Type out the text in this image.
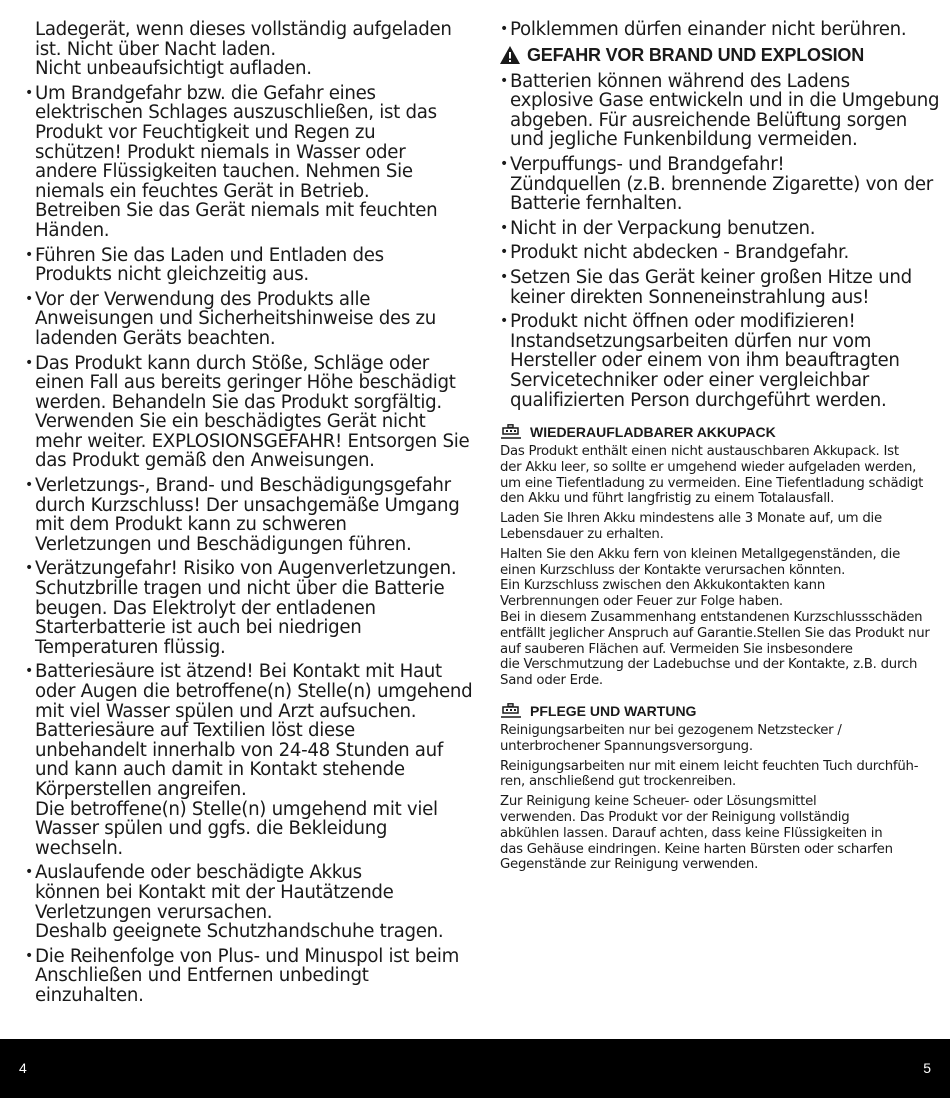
Ladegerät, wenn dieses vollständig aufgeladen
ist. Nicht über Nacht laden.
Nicht unbeaufsichtigt aufladen.
• Um Brandgefahr bzw. die Gefahr eines
elektrischen Schlages auszuschließen, ist das
Produkt vor Feuchtigkeit und Regen zu
schützen! Produkt niemals in Wasser oder
andere Flüssigkeiten tauchen. Nehmen Sie
niemals ein feuchtes Gerät in Betrieb.
Betreiben Sie das Gerät niemals mit feuchten
Händen.
• Führen Sie das Laden und Entladen des
Produkts nicht gleichzeitig aus.
• Vor der Verwendung des Produkts alle
Anweisungen und Sicherheitshinweise des zu
ladenden Geräts beachten.
• Das Produkt kann durch Stöße, Schläge oder
einen Fall aus bereits geringer Höhe beschädigt
werden. Behandeln Sie das Produkt sorgfältig.
Verwenden Sie ein beschädigtes Gerät nicht
mehr weiter. EXPLOSIONSGEFAHR! Entsorgen Sie
das Produkt gemäß den Anweisungen.
• Verletzungs-, Brand- und Beschädigungsgefahr
durch Kurzschluss! Der unsachgemäße Umgang
mit dem Produkt kann zu schweren
Verletzungen und Beschädigungen führen.
• Verätzungefahr! Risiko von Augenverletzungen.
Schutzbrille tragen und nicht über die Batterie
beugen. Das Elektrolyt der entladenen
Starterbatterie ist auch bei niedrigen
Temperaturen flüssig.
• Batteriesäure ist ätzend! Bei Kontakt mit Haut
oder Augen die betroffene(n) Stelle(n) umgehend
mit viel Wasser spülen und Arzt aufsuchen.
Batteriesäure auf Textilien löst diese
unbehandelt innerhalb von 24-48 Stunden auf
und kann auch damit in Kontakt stehende
Körperstellen angreifen.
Die betroffene(n) Stelle(n) umgehend mit viel
Wasser spülen und ggfs. die Bekleidung
wechseln.
• Auslaufende oder beschädigte Akkus
können bei Kontakt mit der Hautätzende
Verletzungen verursachen.
Deshalb geeignete Schutzhandschuhe tragen.
• Die Reihenfolge von Plus- und Minuspol ist beim
Anschließen und Entfernen unbedingt
einzuhalten.
• Polklemmen dürfen einander nicht berühren.
GEFAHR VOR BRAND UND EXPLOSION
• Batterien können während des Ladens
explosive Gase entwickeln und in die Umgebung
abgeben. Für ausreichende Belüftung sorgen
und jegliche Funkenbildung vermeiden.
• Verpuffungs- und Brandgefahr!
Zündquellen (z.B. brennende Zigarette) von der
Batterie fernhalten.
• Nicht in der Verpackung benutzen.
• Produkt nicht abdecken - Brandgefahr.
• Setzen Sie das Gerät keiner großen Hitze und
keiner direkten Sonneneinstrahlung aus!
• Produkt nicht öffnen oder modifizieren!
Instandsetzungsarbeiten dürfen nur vom
Hersteller oder einem von ihm beauftragten
Servicetechniker oder einer vergleichbar
qualifizierten Person durchgeführt werden.
WIEDERAUFLADBARER AKKUPACK
Das Produkt enthält einen nicht austauschbaren Akkupack. Ist
der Akku leer, so sollte er umgehend wieder aufgeladen werden,
um eine Tiefentladung zu vermeiden. Eine Tiefentladung schädigt
den Akku und führt langfristig zu einem Totalausfall.
Laden Sie Ihren Akku mindestens alle 3 Monate auf, um die
Lebensdauer zu erhalten.
Halten Sie den Akku fern von kleinen Metallgegenständen, die
einen Kurzschluss der Kontakte verursachen könnten.
Ein Kurzschluss zwischen den Akkukontakten kann
Verbrennungen oder Feuer zur Folge haben.
Bei in diesem Zusammenhang entstandenen Kurzschlussschäden
entfällt jeglicher Anspruch auf Garantie.Stellen Sie das Produkt nur
auf sauberen Flächen auf. Vermeiden Sie insbesondere
die Verschmutzung der Ladebuchse und der Kontakte, z.B. durch
Sand oder Erde.
PFLEGE UND WARTUNG
Reinigungsarbeiten nur bei gezogenem Netzstecker /
unterbrochener Spannungsversorgung.
Reinigungsarbeiten nur mit einem leicht feuchten Tuch durchfüh-
ren, anschließend gut trockenreiben.
Zur Reinigung keine Scheuer- oder Lösungsmittel
verwenden. Das Produkt vor der Reinigung vollständig
abkühlen lassen. Darauf achten, dass keine Flüssigkeiten in
das Gehäuse eindringen. Keine harten Bürsten oder scharfen
Gegenstände zur Reinigung verwenden.
4	5
